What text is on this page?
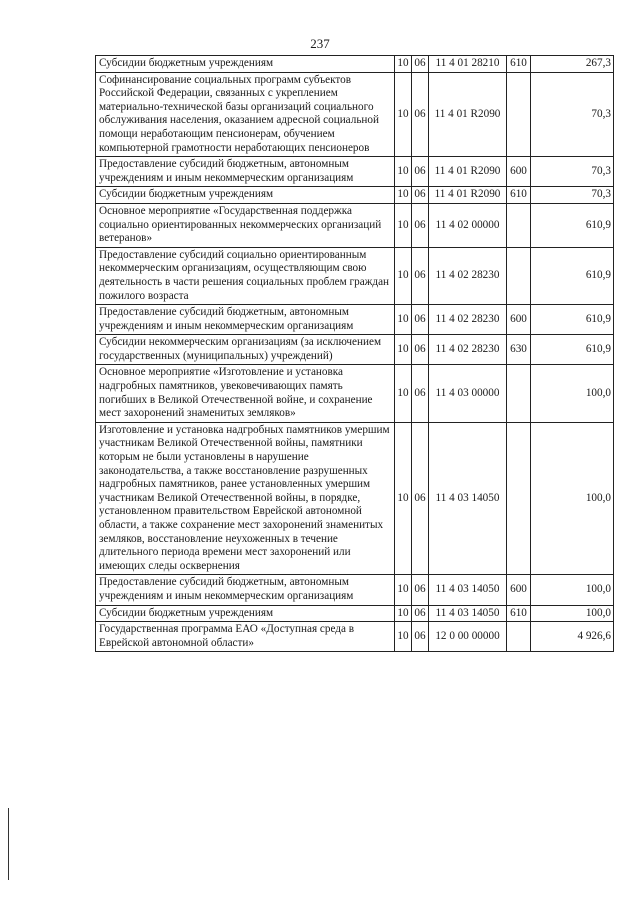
237
Субсидии бюджетным учреждениям	10	06	11 4 01 28210	610	267,3
Софинансирование социальных программ субъектов Российской Федерации, связанных с укреплением материально-технической базы организаций социального обслуживания населения, оказанием адресной социальной помощи неработающим пенсионерам, обучением компьютерной грамотности неработающих пенсионеров	10	06	11 4 01 R2090		70,3
Предоставление субсидий бюджетным, автономным учреждениям и иным некоммерческим организациям	10	06	11 4 01 R2090	600	70,3
Субсидии бюджетным учреждениям	10	06	11 4 01 R2090	610	70,3
Основное мероприятие «Государственная поддержка социально ориентированных некоммерческих организаций ветеранов»	10	06	11 4 02 00000		610,9
Предоставление субсидий социально ориентированным некоммерческим организациям, осуществляющим свою деятельность в части решения социальных проблем граждан пожилого возраста	10	06	11 4 02 28230		610,9
Предоставление субсидий бюджетным, автономным учреждениям и иным некоммерческим организациям	10	06	11 4 02 28230	600	610,9
Субсидии некоммерческим организациям (за исключением государственных (муниципальных) учреждений)	10	06	11 4 02 28230	630	610,9
Основное мероприятие «Изготовление и установка надгробных памятников, увековечивающих память погибших в Великой Отечественной войне, и сохранение мест захоронений знаменитых земляков»	10	06	11 4 03 00000		100,0
Изготовление и установка надгробных памятников умершим участникам Великой Отечественной войны, памятники которым не были установлены в нарушение законодательства, а также восстановление разрушенных надгробных памятников, ранее установленных умершим участникам Великой Отечественной войны, в порядке, установленном правительством Еврейской автономной области, а также сохранение мест захоронений знаменитых земляков, восстановление неухоженных в течение длительного периода времени мест захоронений или имеющих следы осквернения	10	06	11 4 03 14050		100,0
Предоставление субсидий бюджетным, автономным учреждениям и иным некоммерческим организациям	10	06	11 4 03 14050	600	100,0
Субсидии бюджетным учреждениям	10	06	11 4 03 14050	610	100,0
Государственная программа ЕАО «Доступная среда в Еврейской автономной области»	10	06	12 0 00 00000		4 926,6
